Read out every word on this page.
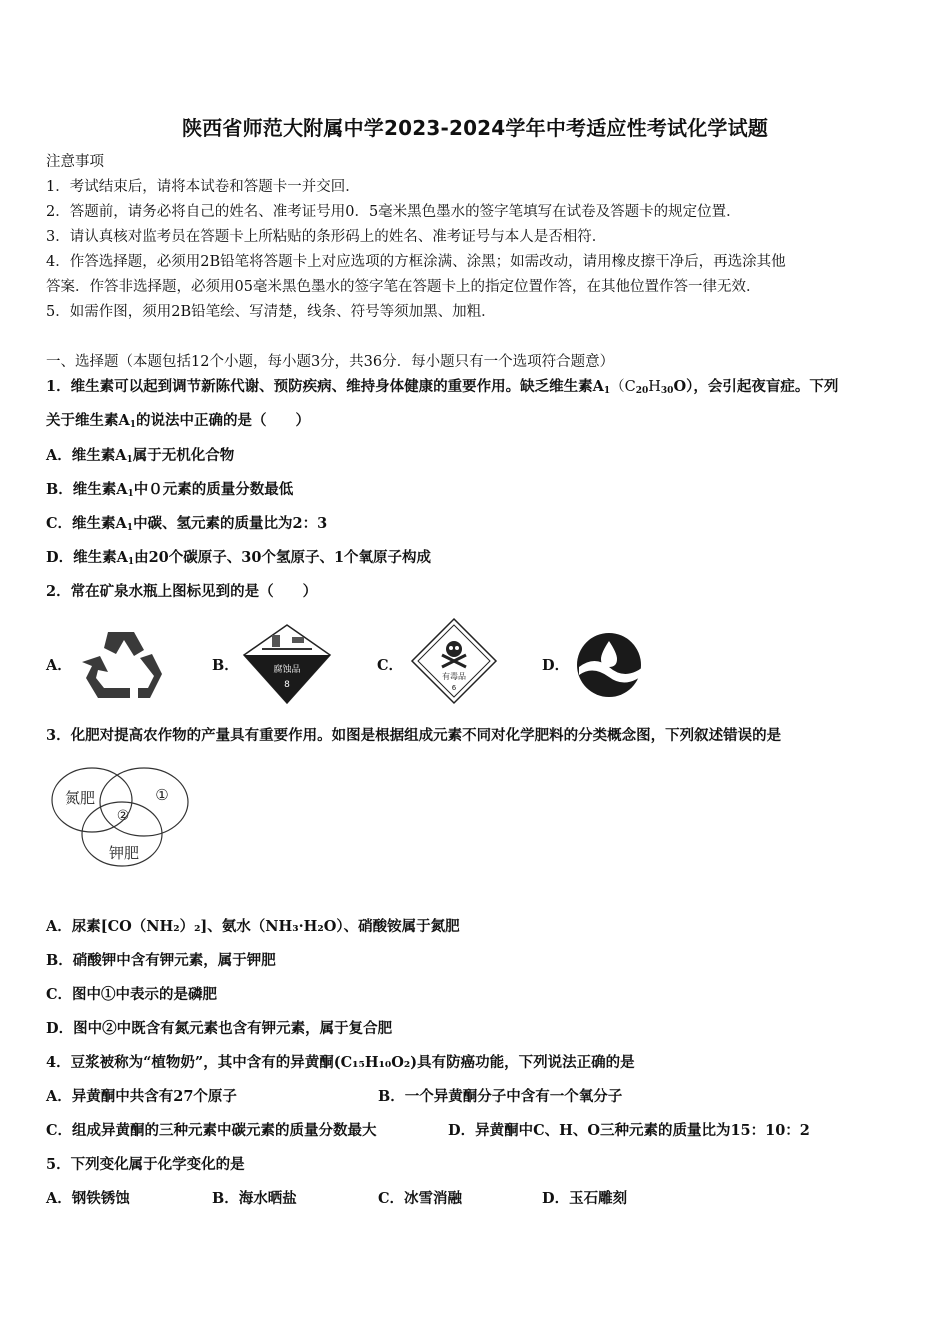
陕西省师范大附属中学2023-2024学年中考适应性考试化学试题
注意事项
1．考试结束后，请将本试卷和答题卡一并交回．
2．答题前，请务必将自己的姓名、准考证号用0．5毫米黑色墨水的签字笔填写在试卷及答题卡的规定位置．
3．请认真核对监考员在答题卡上所粘贴的条形码上的姓名、准考证号与本人是否相符．
4．作答选择题，必须用2B铅笔将答题卡上对应选项的方框涂满、涂黑；如需改动，请用橡皮擦干净后，再选涂其他
答案．作答非选择题，必须用05毫米黑色墨水的签字笔在答题卡上的指定位置作答，在其他位置作答一律无效．
5．如需作图，须用2B铅笔绘、写清楚，线条、符号等须加黑、加粗．
一、选择题（本题包括12个小题，每小题3分，共36分．每小题只有一个选项符合题意）
1．维生素可以起到调节新陈代谢、预防疾病、维持身体健康的重要作用。缺乏维生素$A_1(C_{20}H_{30}O)$，会引起夜盲症。下列
关于维生素$A_1$的说法中正确的是（　　）
A．维生素$A_1$属于无机化合物
B．维生素$A_1$中０元素的质量分数最低
C．维生素$A_1$中碳、氢元素的质量比为2：3
D．维生素$A_1$由20个碳原子、30个氢原子、1个氧原子构成
2．常在矿泉水瓶上图标见到的是（　　）
A．	B．	腐蚀品
8
C．
有毒品
6
D．
3．化肥对提高农作物的产量具有重要作用。如图是根据组成元素不同对化学肥料的分类概念图，下列叙述错误的是
氮肥	①
②
钾肥
A．尿素[CO（NH₂）₂]、氨水（NH₃·H₂O）、硝酸铵属于氮肥
B．硝酸钾中含有钾元素，属于钾肥
C．图中①中表示的是磷肥
D．图中②中既含有氮元素也含有钾元素，属于复合肥
4．豆浆被称为“植物奶”，其中含有的异黄酮(C₁₅H₁₀O₂)具有防癌功能，下列说法正确的是
A．异黄酮中共含有27个原子	B．一个异黄酮分子中含有一个氧分子
C．组成异黄酮的三种元素中碳元素的质量分数最大	D．异黄酮中C、H、O三种元素的质量比为15：10：2
5．下列变化属于化学变化的是
A．钢铁锈蚀	B．海水晒盐	C．冰雪消融	D．玉石雕刻
